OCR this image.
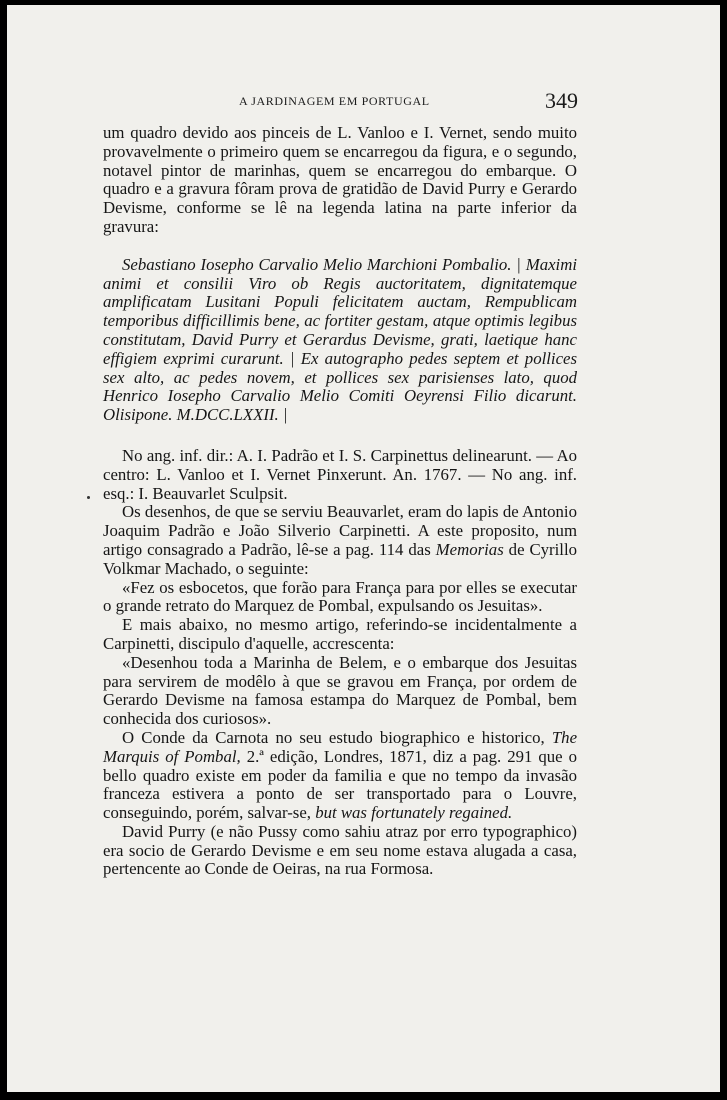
A JARDINAGEM EM PORTUGAL	349

um quadro devido aos pinceis de L. Vanloo e I. Vernet, sendo muito provavelmente o primeiro quem se encarregou da figura, e o segundo, notavel pintor de marinhas, quem se encarregou do embarque. O quadro e a gravura fôram prova de gratidão de David Purry e Gerardo Devisme, conforme se lê na legenda latina na parte inferior da gravura:

Sebastiano Iosepho Carvalio Melio Marchioni Pombalio. | Maximi animi et consilii Viro ob Regis auctoritatem, dignitatemque amplificatam Lusitani Populi felicitatem auctam, Rempublicam temporibus difficillimis bene, ac fortiter gestam, atque optimis legibus constitutam, David Purry et Gerardus Devisme, grati, laetique hanc effigiem exprimi curarunt. | Ex autographo pedes septem et pollices sex alto, ac pedes novem, et pollices sex parisienses lato, quod Henrico Iosepho Carvalio Melio Comiti Oeyrensi Filio dicarunt. Olisipone. M.DCC.LXXII. |

No ang. inf. dir.: A. I. Padrão et I. S. Carpinettus delinearunt. — Ao centro: L. Vanloo et I. Vernet Pinxerunt. An. 1767. — No ang. inf. esq.: I. Beauvarlet Sculpsit.

Os desenhos, de que se serviu Beauvarlet, eram do lapis de Antonio Joaquim Padrão e João Silverio Carpinetti. A este proposito, num artigo consagrado a Padrão, lê-se a pag. 114 das Memorias de Cyrillo Volkmar Machado, o seguinte:

«Fez os esbocetos, que forão para França para por elles se executar o grande retrato do Marquez de Pombal, expulsando os Jesuitas».

E mais abaixo, no mesmo artigo, referindo-se incidentalmente a Carpinetti, discipulo d'aquelle, accrescenta:

«Desenhou toda a Marinha de Belem, e o embarque dos Jesuitas para servirem de modêlo à que se gravou em França, por ordem de Gerardo Devisme na famosa estampa do Marquez de Pombal, bem conhecida dos curiosos».

O Conde da Carnota no seu estudo biographico e historico, The Marquis of Pombal, 2.ª edição, Londres, 1871, diz a pag. 291 que o bello quadro existe em poder da familia e que no tempo da invasão franceza estivera a ponto de ser transportado para o Louvre, conseguindo, porém, salvar-se, but was fortunately regained.

David Purry (e não Pussy como sahiu atraz por erro typographico) era socio de Gerardo Devisme e em seu nome estava alugada a casa, pertencente ao Conde de Oeiras, na rua Formosa.
